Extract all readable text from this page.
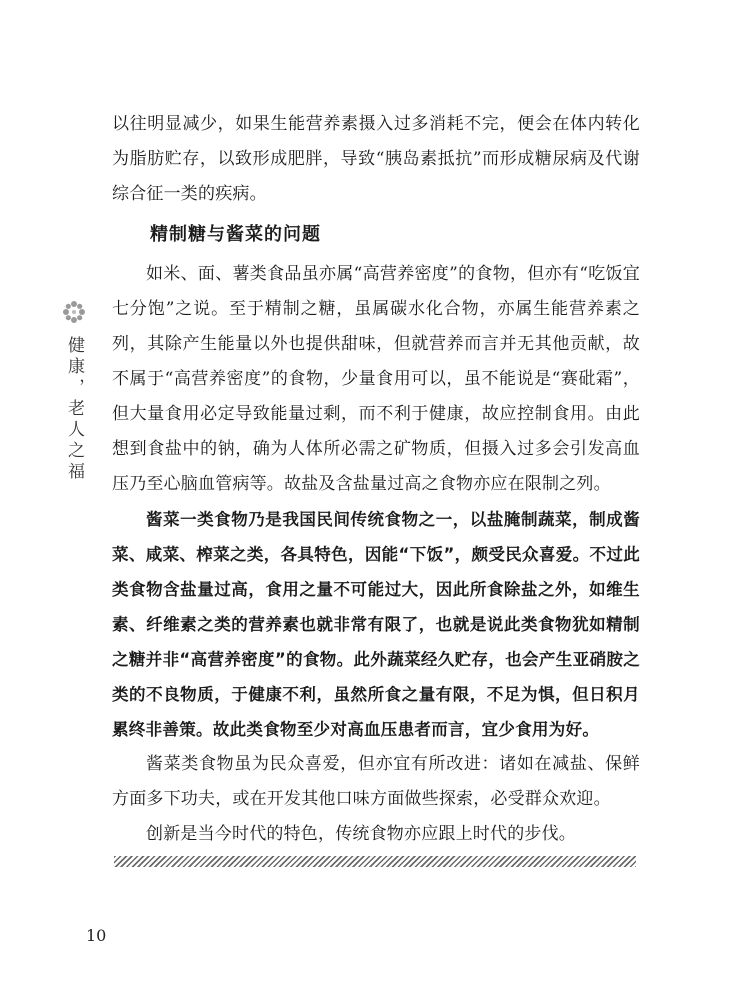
健康，老人之福

以往明显减少，如果生能营养素摄入过多消耗不完，便会在体内转化为脂肪贮存，以致形成肥胖，导致“胰岛素抵抗”而形成糖尿病及代谢综合征一类的疾病。

精制糖与酱菜的问题

如米、面、薯类食品虽亦属“高营养密度”的食物，但亦有“吃饭宜七分饱”之说。至于精制之糖，虽属碳水化合物，亦属生能营养素之列，其除产生能量以外也提供甜味，但就营养而言并无其他贡献，故不属于“高营养密度”的食物，少量食用可以，虽不能说是“赛砒霜”，但大量食用必定导致能量过剩，而不利于健康，故应控制食用。由此想到食盐中的钠，确为人体所必需之矿物质，但摄入过多会引发高血压乃至心脑血管病等。故盐及含盐量过高之食物亦应在限制之列。

酱菜一类食物乃是我国民间传统食物之一，以盐腌制蔬菜，制成酱菜、咸菜、榨菜之类，各具特色，因能“下饭”，颇受民众喜爱。不过此类食物含盐量过高，食用之量不可能过大，因此所食除盐之外，如维生素、纤维素之类的营养素也就非常有限了，也就是说此类食物犹如精制之糖并非“高营养密度”的食物。此外蔬菜经久贮存，也会产生亚硝胺之类的不良物质，于健康不利，虽然所食之量有限，不足为惧，但日积月累终非善策。故此类食物至少对高血压患者而言，宜少食用为好。

酱菜类食物虽为民众喜爱，但亦宜有所改进：诸如在减盐、保鲜方面多下功夫，或在开发其他口味方面做些探索，必受群众欢迎。

创新是当今时代的特色，传统食物亦应跟上时代的步伐。

10
